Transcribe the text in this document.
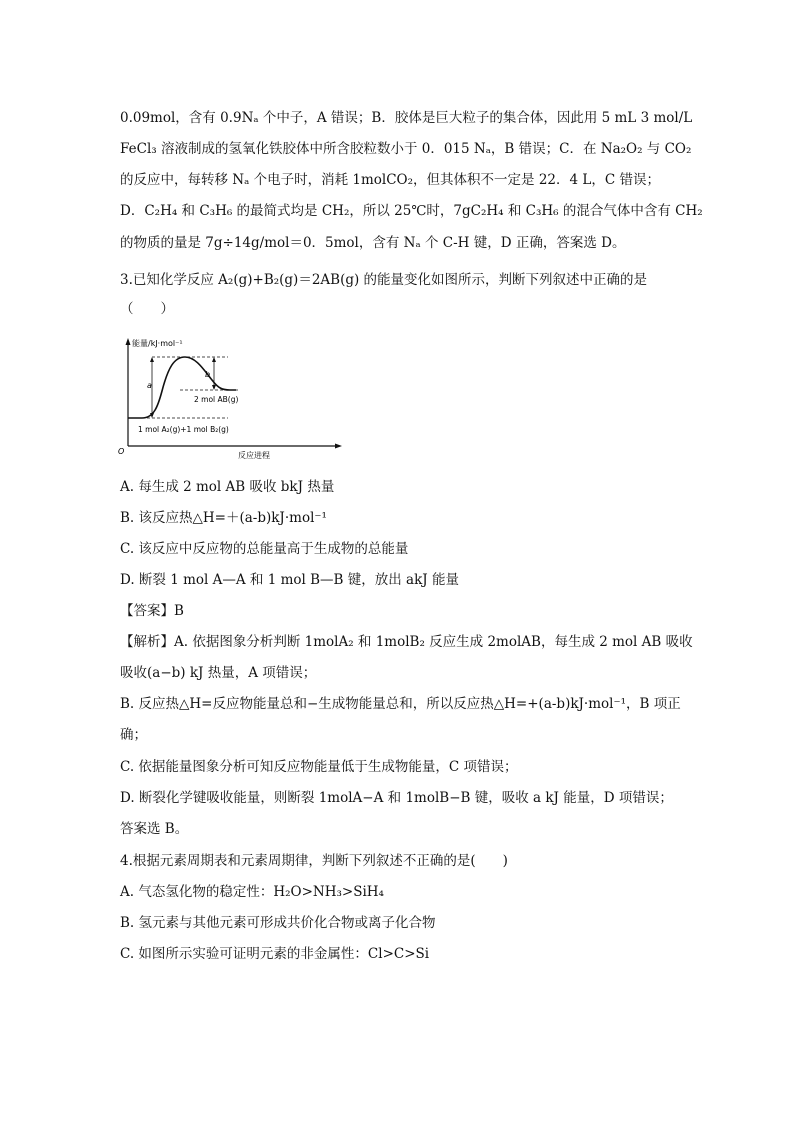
0.09mol，含有 0.9Nₐ 个中子，A 错误；B．胶体是巨大粒子的集合体，因此用 5 mL 3 mol/L
FeCl₃ 溶液制成的氢氧化铁胶体中所含胶粒数小于 0．015 Nₐ，B 错误；C．在 Na₂O₂ 与 CO₂
的反应中，每转移 Nₐ 个电子时，消耗 1molCO₂，但其体积不一定是 22．4 L，C 错误；
D．C₂H₄ 和 C₃H₆ 的最简式均是 CH₂，所以 25℃时，7gC₂H₄ 和 C₃H₆ 的混合气体中含有 CH₂
的物质的量是 7g÷14g/mol＝0．5mol，含有 Nₐ 个 C-H 键，D 正确，答案选 D。
3.已知化学反应 A₂(g)+B₂(g)＝2AB(g) 的能量变化如图所示，判断下列叙述中正确的是
（　　）
能量/kJ·mol⁻¹
O	反应进程
a
b
2 mol AB(g)
1 mol A₂(g)+1 mol B₂(g)
A. 每生成 2 mol AB 吸收 bkJ 热量
B. 该反应热△H=＋(a-b)kJ·mol⁻¹
C. 该反应中反应物的总能量高于生成物的总能量
D. 断裂 1 mol A—A 和 1 mol B—B 键，放出 akJ 能量
【答案】B
【解析】A. 依据图象分析判断 1molA₂ 和 1molB₂ 反应生成 2molAB，每生成 2 mol AB 吸收
吸收(a−b) kJ 热量，A 项错误；
B. 反应热△H=反应物能量总和−生成物能量总和，所以反应热△H=+(a-b)kJ·mol⁻¹，B 项正
确；
C. 依据能量图象分析可知反应物能量低于生成物能量，C 项错误；
D. 断裂化学键吸收能量，则断裂 1molA−A 和 1molB−B 键，吸收 a kJ 能量，D 项错误；
答案选 B。
4.根据元素周期表和元素周期律，判断下列叙述不正确的是(　　)
A. 气态氢化物的稳定性：H₂O>NH₃>SiH₄
B. 氢元素与其他元素可形成共价化合物或离子化合物
C. 如图所示实验可证明元素的非金属性：Cl>C>Si
